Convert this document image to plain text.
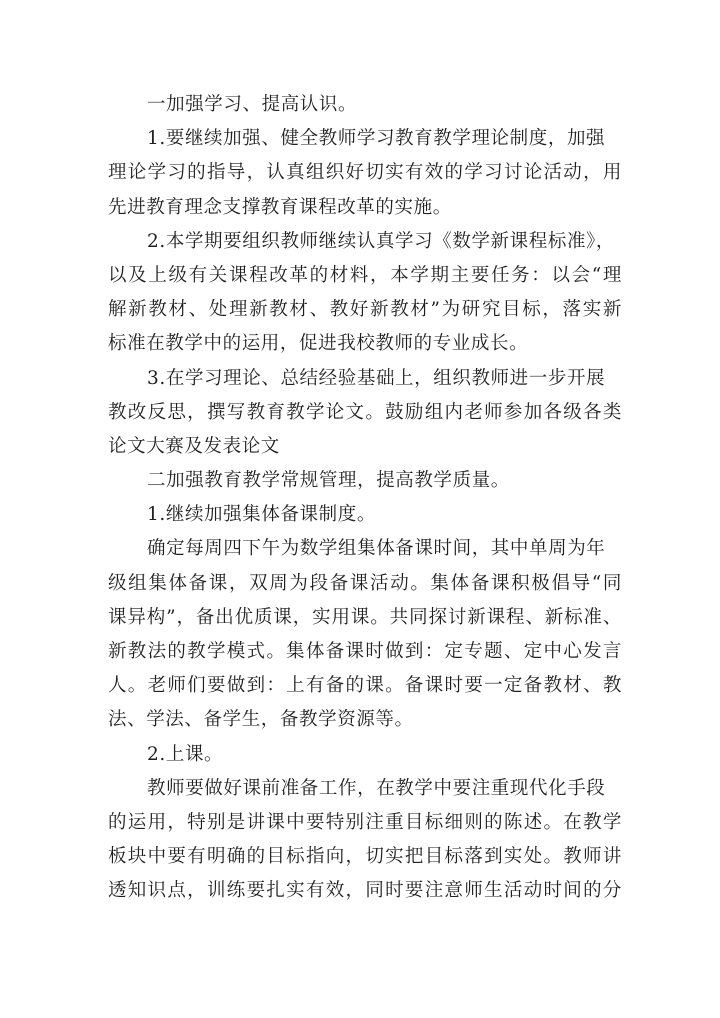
一加强学习、提高认识。
1.要继续加强、健全教师学习教育教学理论制度，加强
理论学习的指导，认真组织好切实有效的学习讨论活动，用
先进教育理念支撑教育课程改革的实施。
2.本学期要组织教师继续认真学习《数学新课程标准》，
以及上级有关课程改革的材料，本学期主要任务：以会“理
解新教材、处理新教材、教好新教材”为研究目标，落实新
标准在教学中的运用，促进我校教师的专业成长。
3.在学习理论、总结经验基础上，组织教师进一步开展
教改反思，撰写教育教学论文。鼓励组内老师参加各级各类
论文大赛及发表论文
二加强教育教学常规管理，提高教学质量。
1.继续加强集体备课制度。
确定每周四下午为数学组集体备课时间，其中单周为年
级组集体备课，双周为段备课活动。集体备课积极倡导“同
课异构”，备出优质课，实用课。共同探讨新课程、新标准、
新教法的教学模式。集体备课时做到：定专题、定中心发言
人。老师们要做到：上有备的课。备课时要一定备教材、教
法、学法、备学生，备教学资源等。
2.上课。
教师要做好课前准备工作，在教学中要注重现代化手段
的运用，特别是讲课中要特别注重目标细则的陈述。在教学
板块中要有明确的目标指向，切实把目标落到实处。教师讲
透知识点，训练要扎实有效，同时要注意师生活动时间的分
